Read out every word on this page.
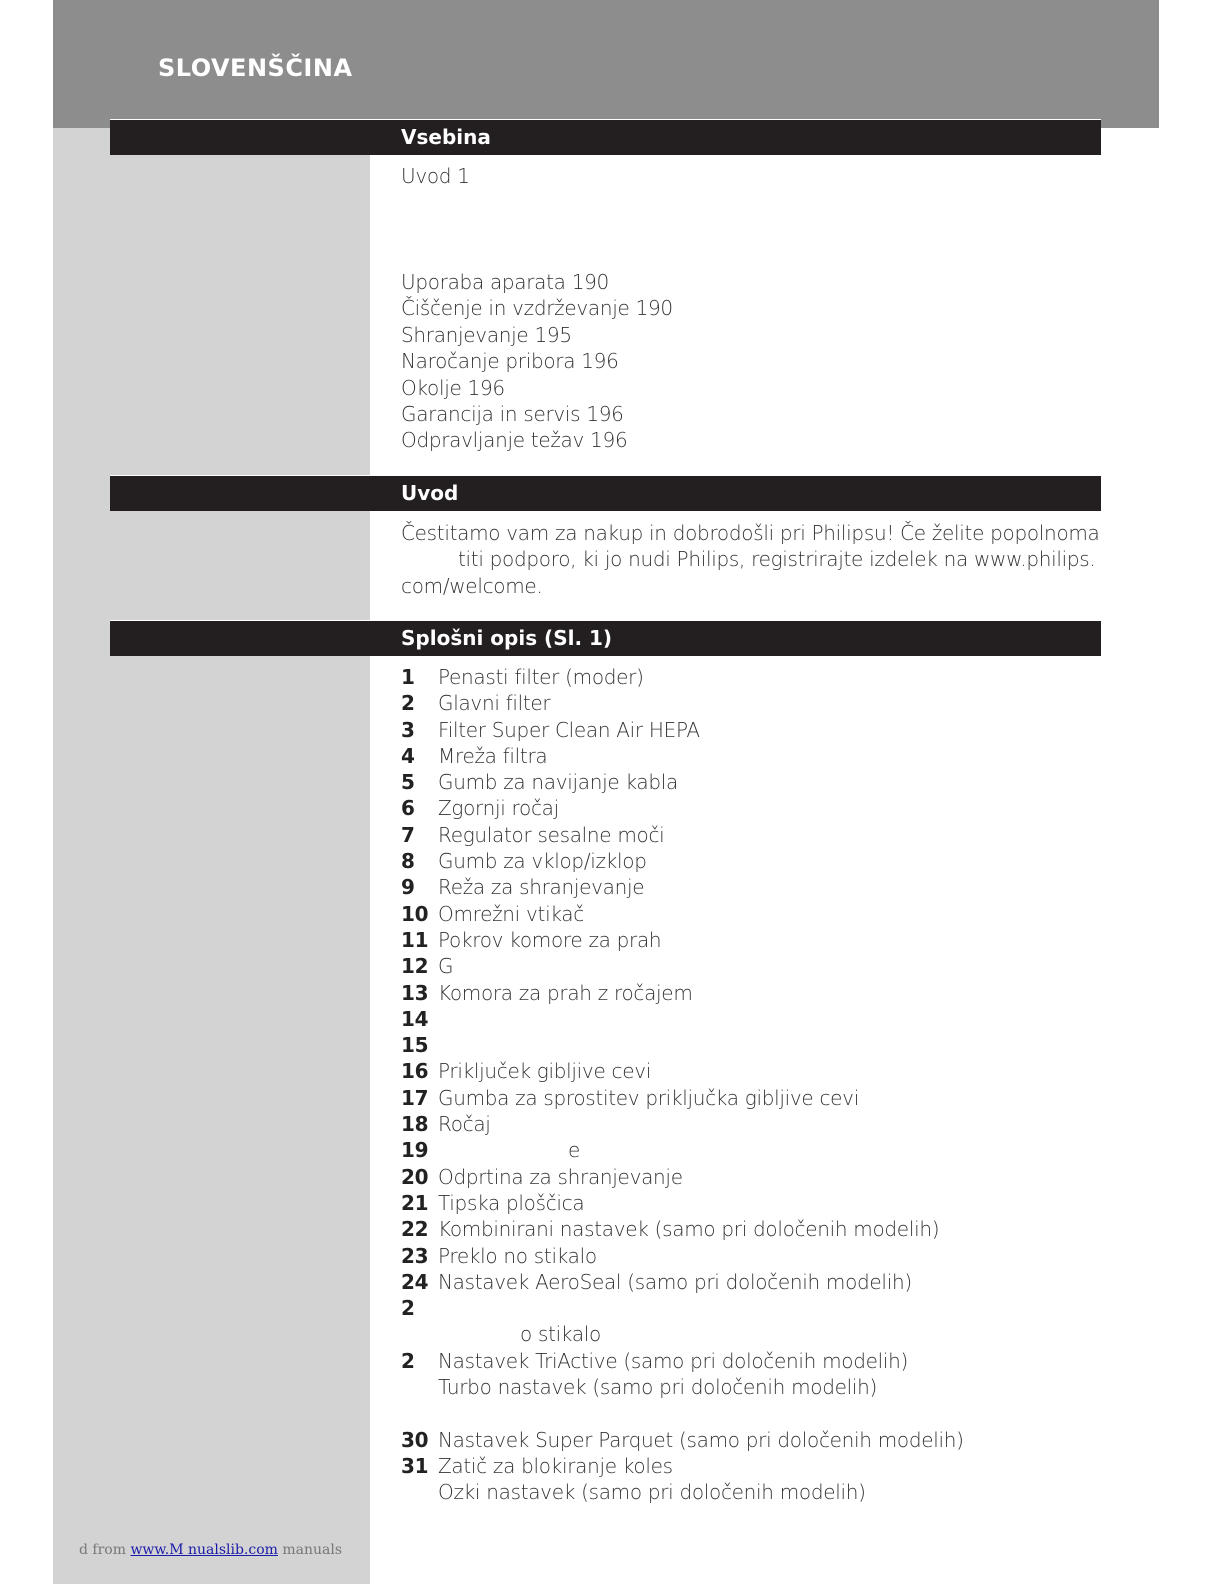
SLOVENŠČINA
Vsebina
Uvod 1
Uporaba aparata 190
Čiščenje in vzdrževanje 190
Shranjevanje 195
Naročanje pribora 196
Okolje 196
Garancija in servis 196
Odpravljanje težav 196
Uvod
Čestitamo vam za nakup in dobrodošli pri Philipsu! Če želite popolnoma
titi podporo, ki jo nudi Philips, registrirajte izdelek na www.philips.
com/welcome.
Splošni opis (Sl. 1)
1 Penasti filter (moder)
2 Glavni filter
3 Filter Super Clean Air HEPA
4 Mreža filtra
5 Gumb za navijanje kabla
6 Zgornji ročaj
7 Regulator sesalne moči
8 Gumb za vklop/izklop
9 Reža za shranjevanje
10 Omrežni vtikač
11 Pokrov komore za prah
12 G
13 Komora za prah z ročajem
14
15
16 Priključek gibljive cevi
17 Gumba za sprostitev priključka gibljive cevi
18 Ročaj
19	e
20 Odprtina za shranjevanje
21 Tipska ploščica
22 Kombinirani nastavek (samo pri določenih modelih)
23 Preklo no stikalo
24 Nastavek AeroSeal (samo pri določenih modelih)
2
o stikalo
2 Nastavek TriActive (samo pri določenih modelih)
Turbo nastavek (samo pri določenih modelih)
30 Nastavek Super Parquet (samo pri določenih modelih)
31 Zatič za blokiranje koles
Ozki nastavek (samo pri določenih modelih)
d from www.M nualslib.com manuals
